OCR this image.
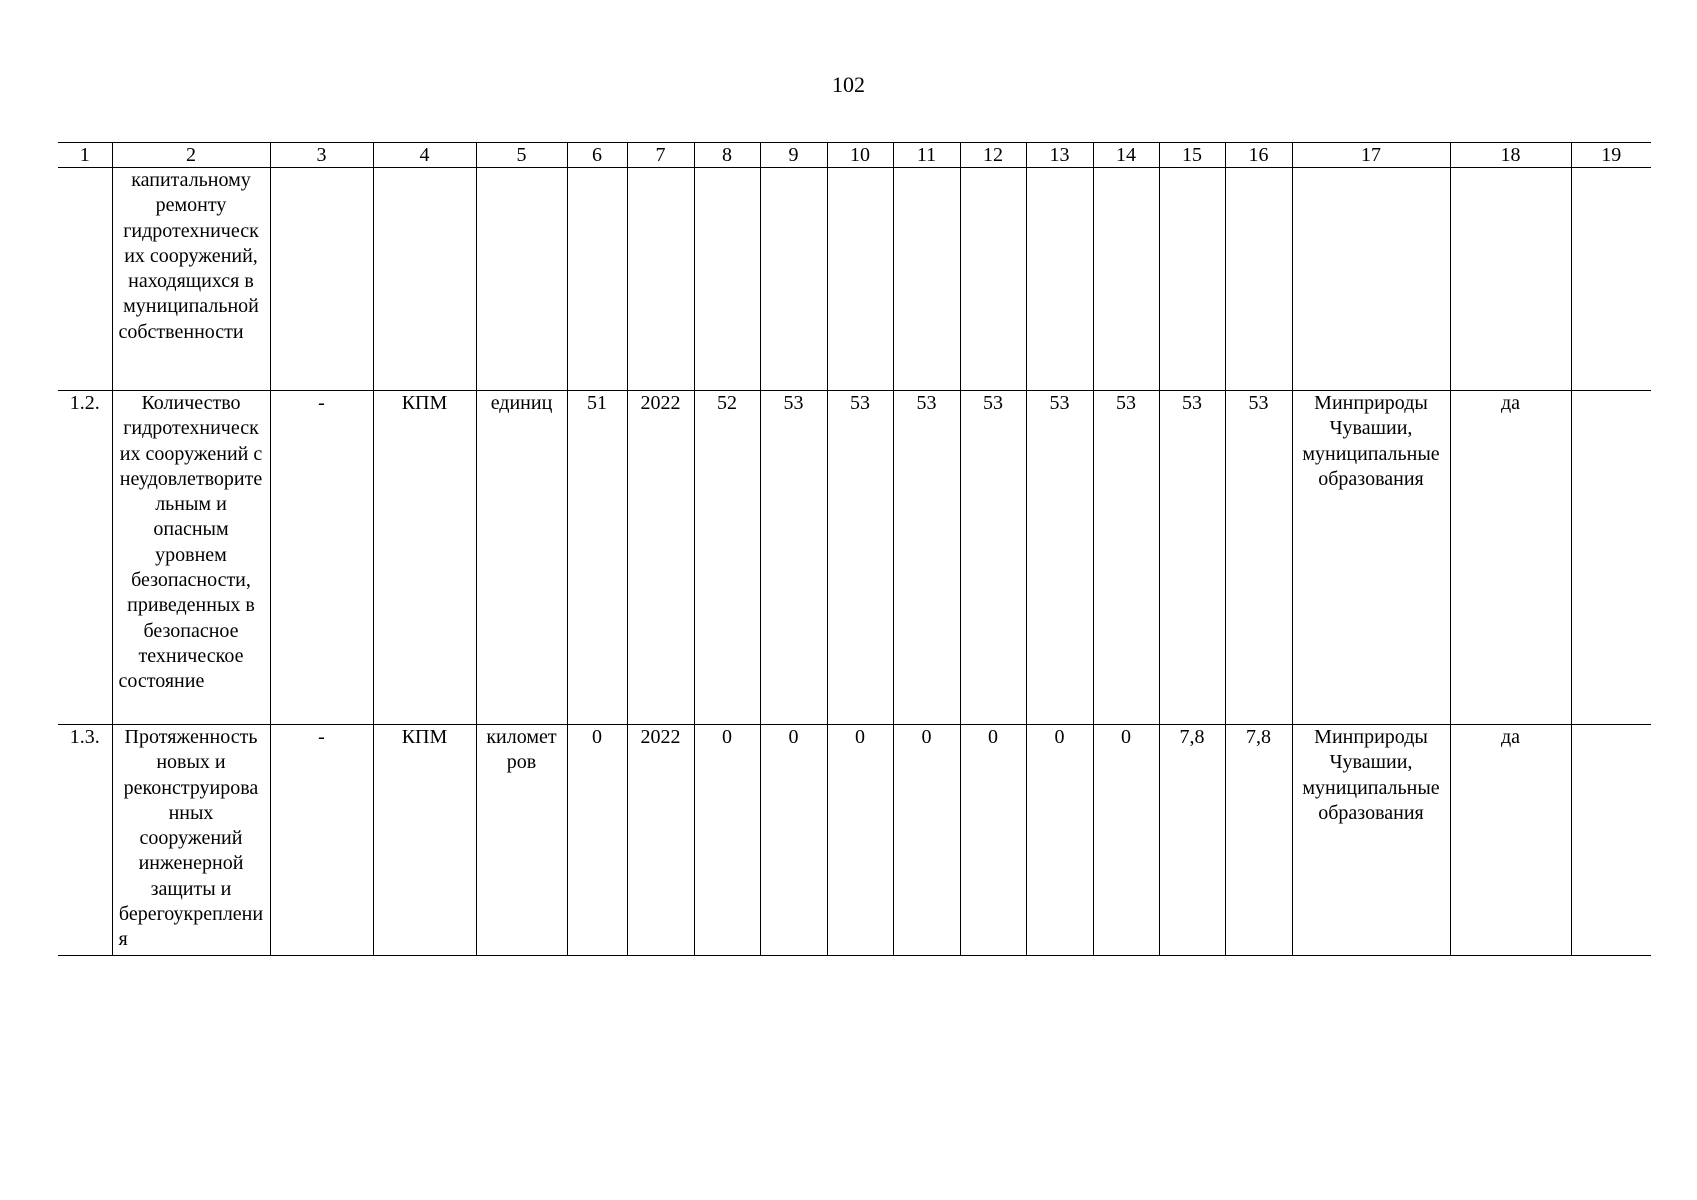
102
1	2	3	4	5	6	7	8	9	10	11	12	13	14	15	16	17	18	19
	капитальному ремонту гидротехнических сооружений, находящихся в муниципальной собственности																	
1.2.	Количество гидротехнических сооружений с неудовлетворительным и опасным уровнем безопасности, приведенных в безопасное техническое состояние	-	КПМ	единиц	51	2022	52	53	53	53	53	53	53	53	53	Минприроды Чувашии, муниципальные образования	да	
1.3.	Протяженность новых и реконструированных сооружений инженерной защиты и берегоукрепления	-	КПМ	километров	0	2022	0	0	0	0	0	0	0	7,8	7,8	Минприроды Чувашии, муниципальные образования	да	
